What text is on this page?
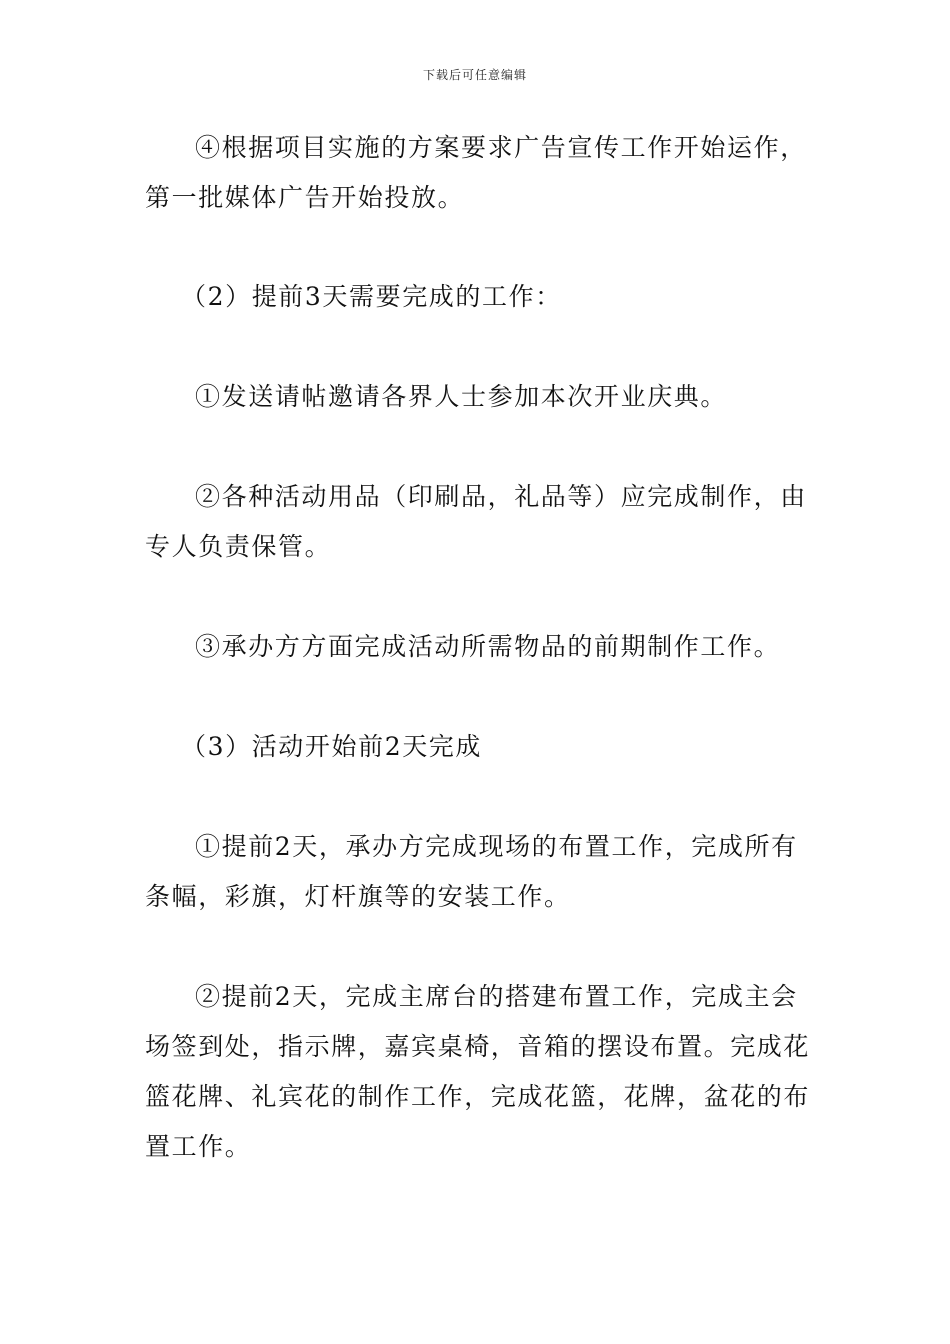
下载后可任意编辑

④根据项目实施的方案要求广告宣传工作开始运作，第一批媒体广告开始投放。

（2）提前3天需要完成的工作：

①发送请帖邀请各界人士参加本次开业庆典。

②各种活动用品（印刷品，礼品等）应完成制作，由专人负责保管。

③承办方方面完成活动所需物品的前期制作工作。

（3）活动开始前2天完成

①提前2天，承办方完成现场的布置工作，完成所有条幅，彩旗，灯杆旗等的安装工作。

②提前2天，完成主席台的搭建布置工作，完成主会场签到处，指示牌，嘉宾桌椅，音箱的摆设布置。完成花篮花牌、礼宾花的制作工作，完成花篮，花牌，盆花的布置工作。
